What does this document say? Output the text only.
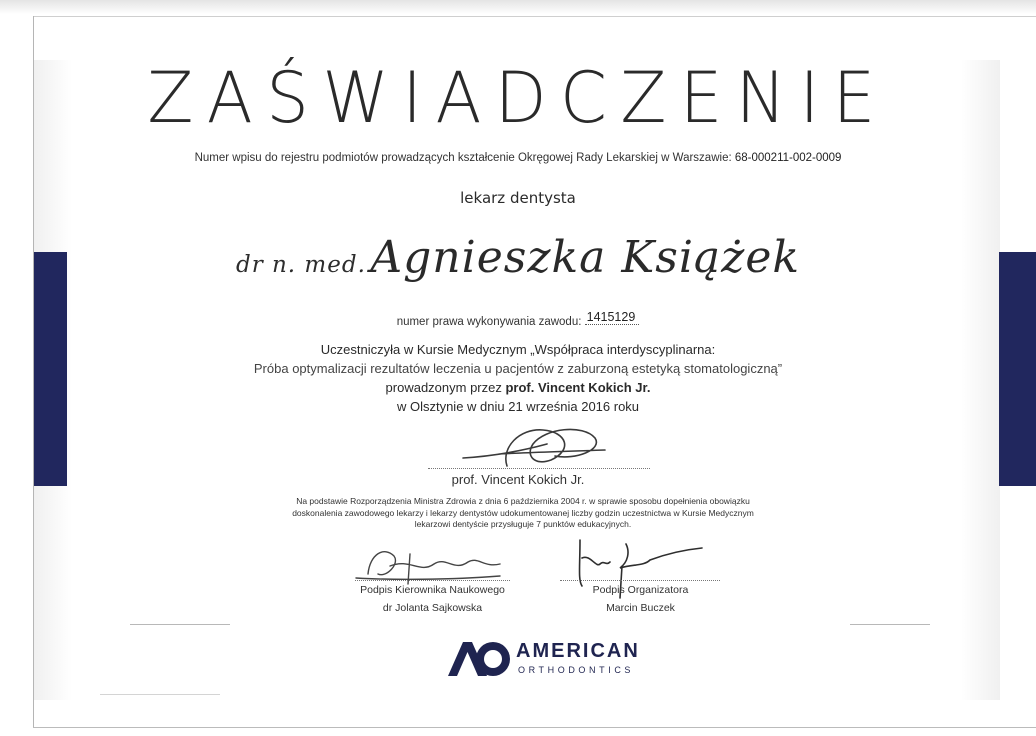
ZAŚWIADCZENIE
Numer wpisu do rejestru podmiotów prowadzących kształcenie Okręgowej Rady Lekarskiej w Warszawie: 68-000211-002-0009
lekarz dentysta
dr n. med. Agnieszka Książek
numer prawa wykonywania zawodu: 1415129
Uczestniczyła w Kursie Medycznym „Współpraca interdyscyplinarna:
Próba optymalizacji rezultatów leczenia u pacjentów z zaburzoną estetyką stomatologiczną”
prowadzonym przez prof. Vincent Kokich Jr.
w Olsztynie w dniu 21 września 2016 roku
prof. Vincent Kokich Jr.
Na podstawie Rozporządzenia Ministra Zdrowia z dnia 6 października 2004 r. w sprawie sposobu dopełnienia obowiązku doskonalenia zawodowego lekarzy i lekarzy dentystów udokumentowanej liczby godzin uczestnictwa w Kursie Medycznym lekarzowi dentyście przysługuje 7 punktów edukacyjnych.
Podpis Kierownika Naukowego
dr Jolanta Sajkowska
Podpis Organizatora
Marcin Buczek
AMERICAN
ORTHODONTICS
